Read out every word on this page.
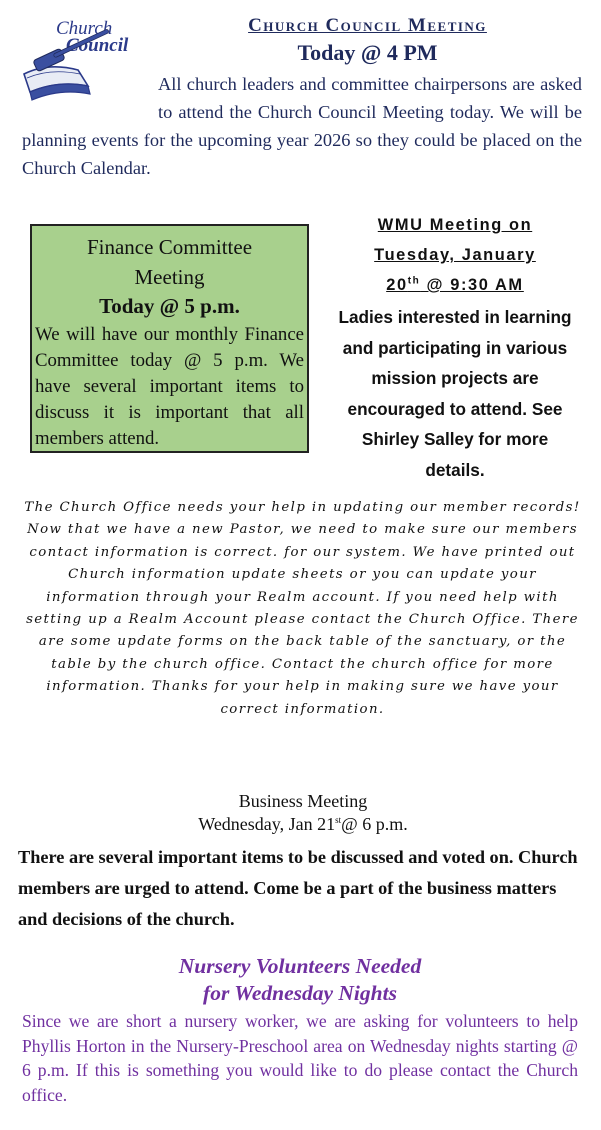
Church
Council
Church Council Meeting
Today @ 4 PM
All church leaders and committee chairpersons are asked to attend the Church Council Meeting today. We will be planning events for the upcoming year 2026 so they could be placed on the Church Calendar.
Finance Committee
Meeting
Today @ 5 p.m.
We will have our monthly Finance Committee today @ 5 p.m. We have several important items to discuss it is important that all members attend.
WMU Meeting on
Tuesday, January
20th @ 9:30 AM
Ladies interested in learning and participating in various mission projects are encouraged to attend. See Shirley Salley for more details.
The Church Office needs your help in updating our member records! Now that we have a new Pastor, we need to make sure our members contact information is correct. for our system. We have printed out Church information update sheets or you can update your information through your Realm account. If you need help with setting up a Realm Account please contact the Church Office. There are some update forms on the back table of the sanctuary, or the table by the church office. Contact the church office for more information. Thanks for your help in making sure we have your correct information.
Business Meeting
Wednesday, Jan 21st@ 6 p.m.
There are several important items to be discussed and voted on. Church members are urged to attend. Come be a part of the business matters and decisions of the church.
Nursery Volunteers Needed
for Wednesday Nights
Since we are short a nursery worker, we are asking for volunteers to help Phyllis Horton in the Nursery-Preschool area on Wednesday nights starting @ 6 p.m. If this is something you would like to do please contact the Church office.
